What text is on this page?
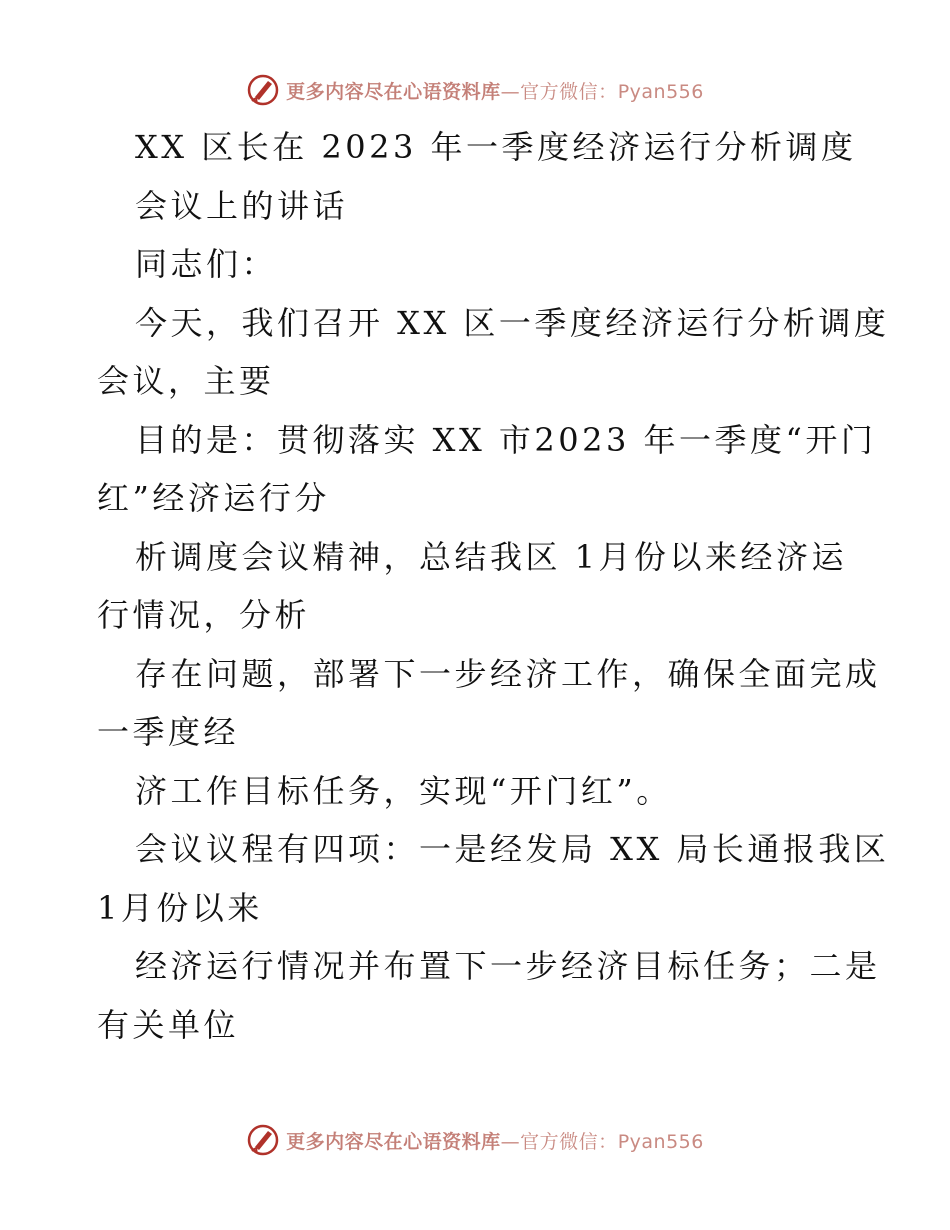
更多内容尽在心语资料库—官方微信：Pyan556
XX 区长在 2023 年一季度经济运行分析调度
会议上的讲话
同志们：
今天，我们召开 XX 区一季度经济运行分析调度
会议，主要
目的是：贯彻落实 XX 市2023 年一季度“开门
红”经济运行分
析调度会议精神，总结我区 1月份以来经济运
行情况，分析
存在问题，部署下一步经济工作，确保全面完成
一季度经
济工作目标任务，实现“开门红”。
会议议程有四项：一是经发局 XX 局长通报我区
1月份以来
经济运行情况并布置下一步经济目标任务；二是
有关单位
更多内容尽在心语资料库—官方微信：Pyan556
